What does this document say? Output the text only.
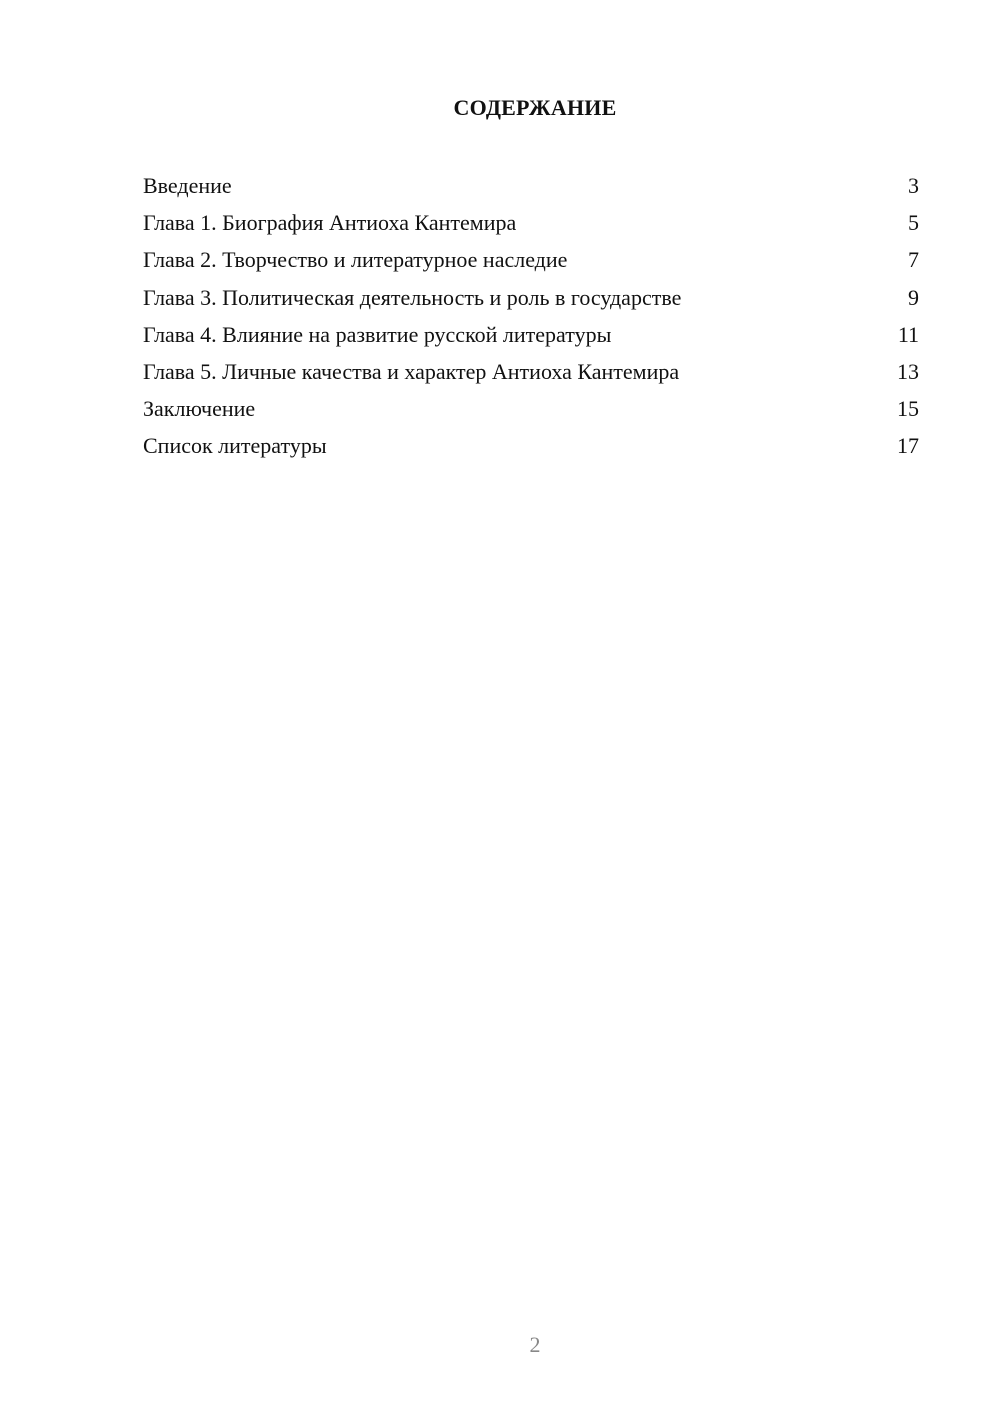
СОДЕРЖАНИЕ
Введение	3
Глава 1. Биография Антиоха Кантемира	5
Глава 2. Творчество и литературное наследие	7
Глава 3. Политическая деятельность и роль в государстве	9
Глава 4. Влияние на развитие русской литературы	11
Глава 5. Личные качества и характер Антиоха Кантемира	13
Заключение	15
Список литературы	17
2
